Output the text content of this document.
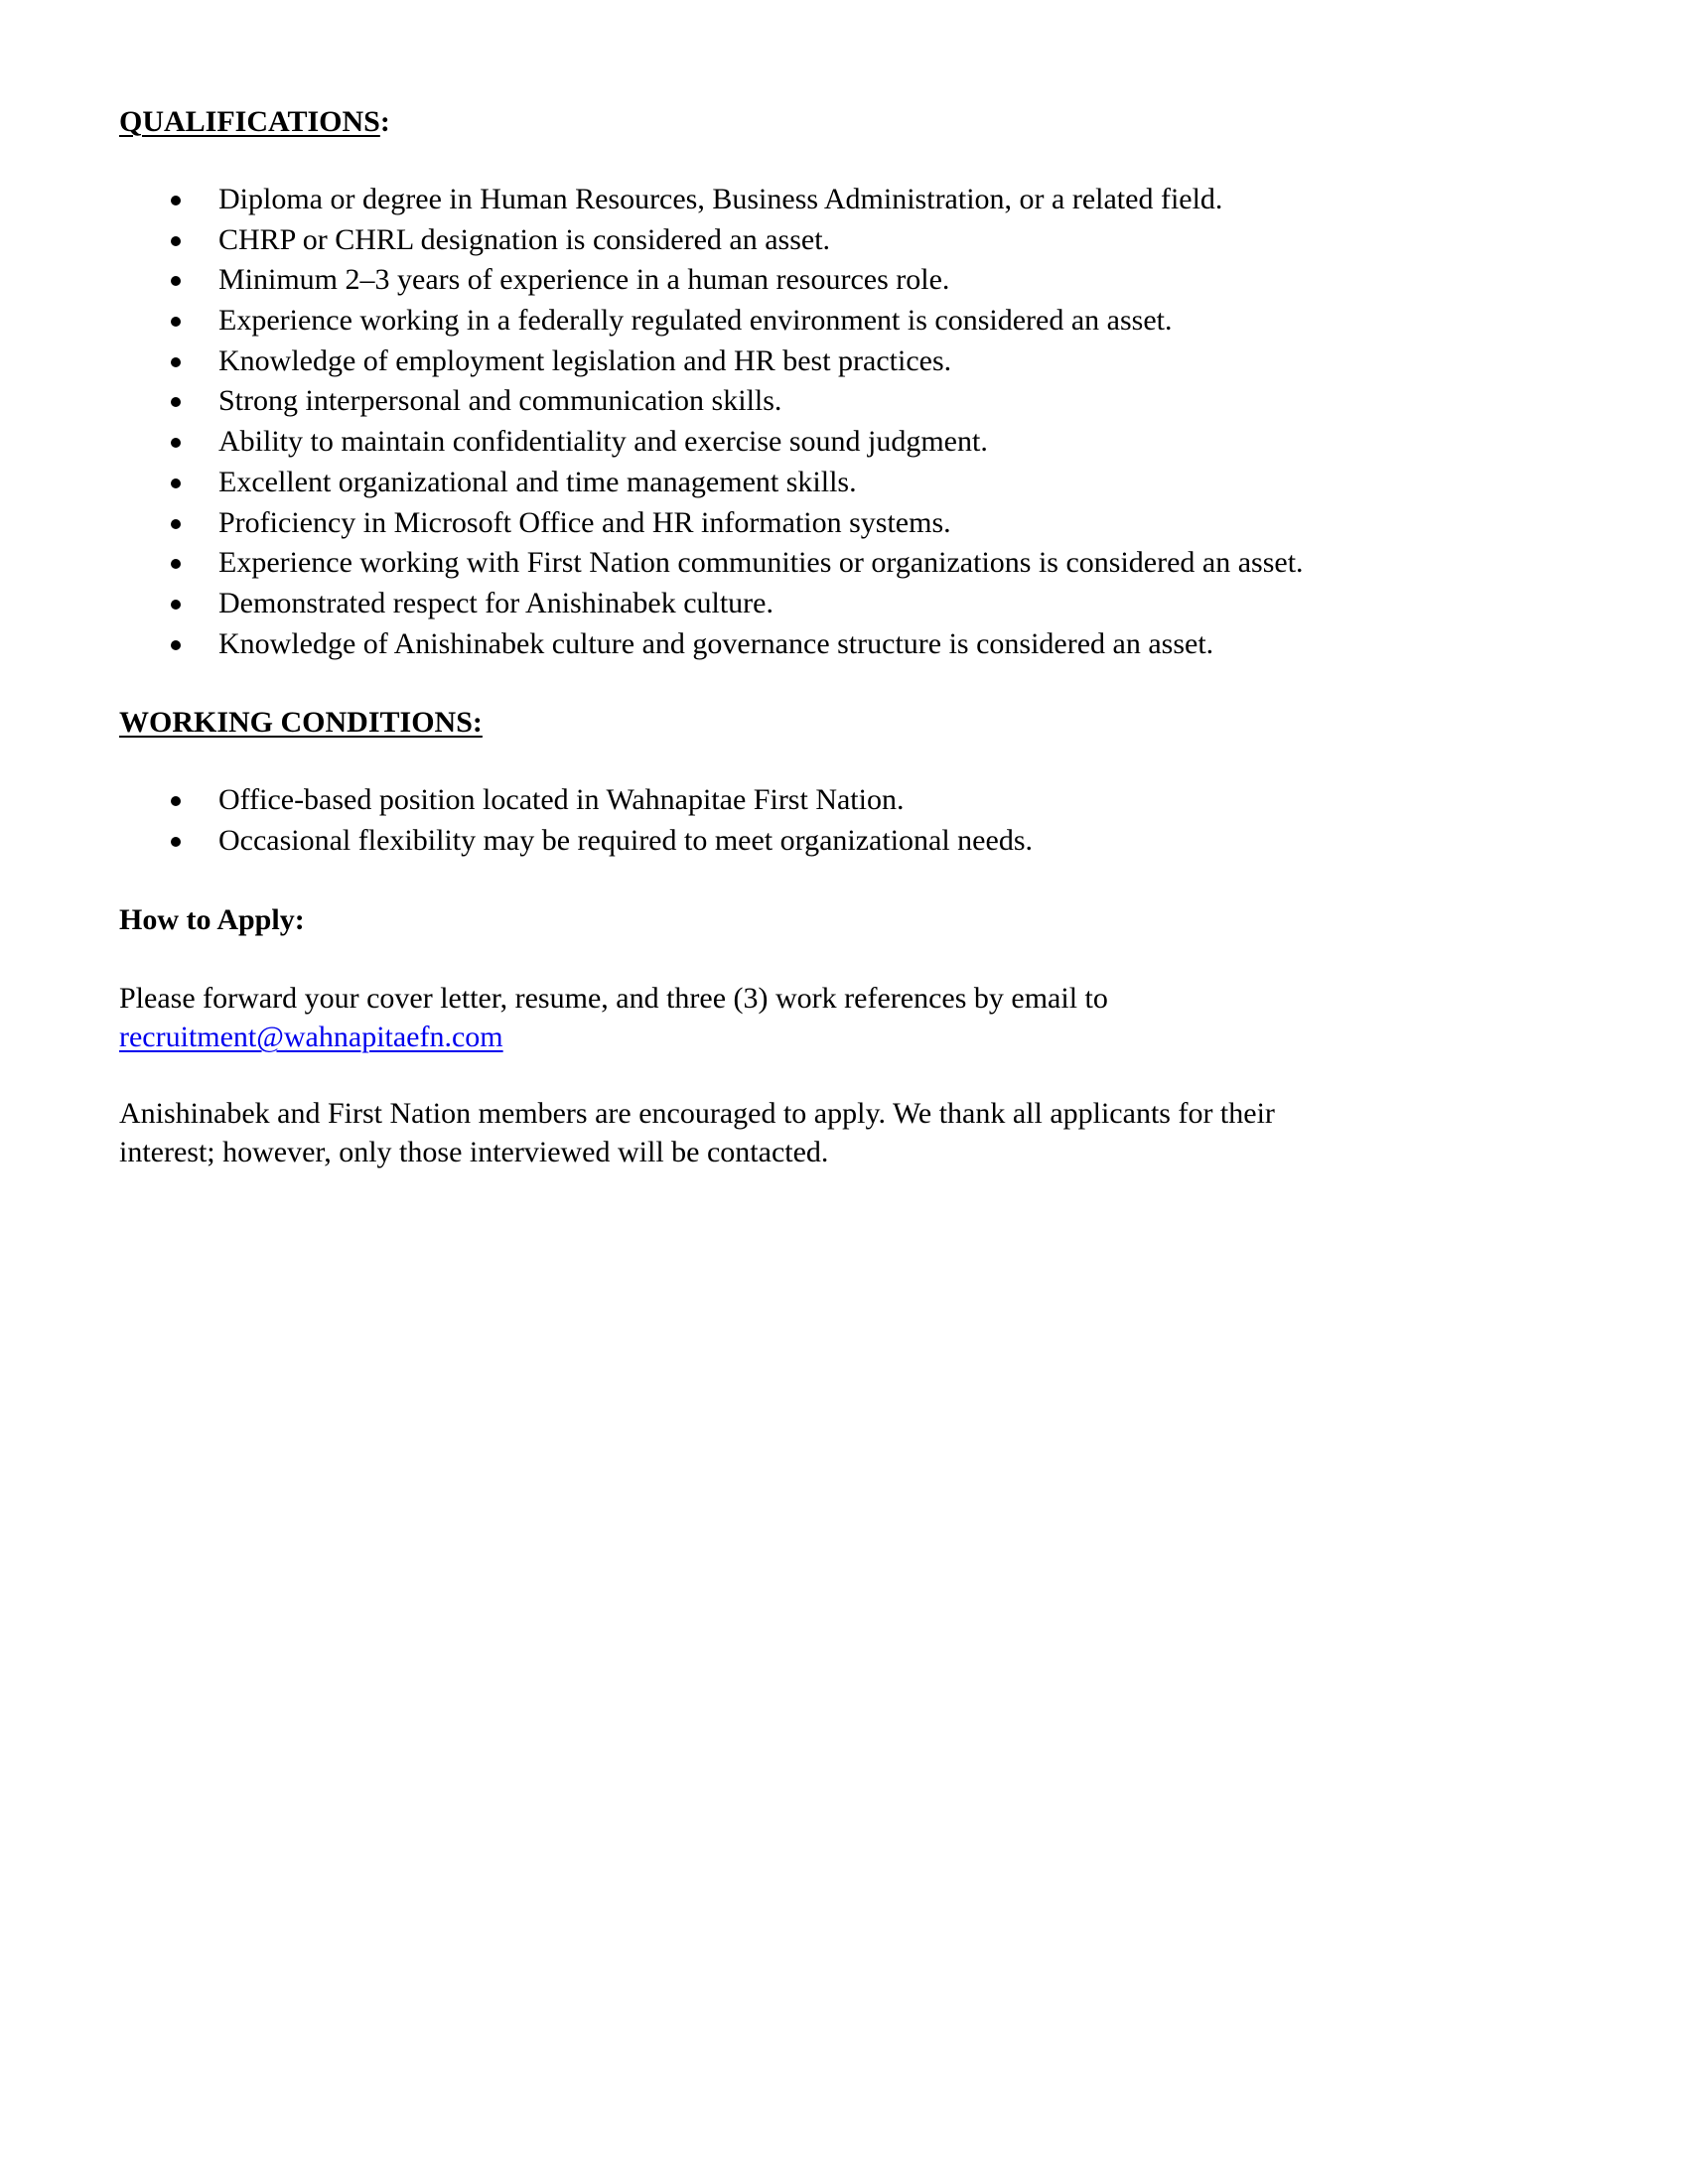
QUALIFICATIONS:
Diploma or degree in Human Resources, Business Administration, or a related field.
CHRP or CHRL designation is considered an asset.
Minimum 2–3 years of experience in a human resources role.
Experience working in a federally regulated environment is considered an asset.
Knowledge of employment legislation and HR best practices.
Strong interpersonal and communication skills.
Ability to maintain confidentiality and exercise sound judgment.
Excellent organizational and time management skills.
Proficiency in Microsoft Office and HR information systems.
Experience working with First Nation communities or organizations is considered an asset.
Demonstrated respect for Anishinabek culture.
Knowledge of Anishinabek culture and governance structure is considered an asset.
WORKING CONDITIONS:
Office-based position located in Wahnapitae First Nation.
Occasional flexibility may be required to meet organizational needs.
How to Apply:

Please forward your cover letter, resume, and three (3) work references by email to
recruitment@wahnapitaefn.com

Anishinabek and First Nation members are encouraged to apply. We thank all applicants for their
interest; however, only those interviewed will be contacted.
